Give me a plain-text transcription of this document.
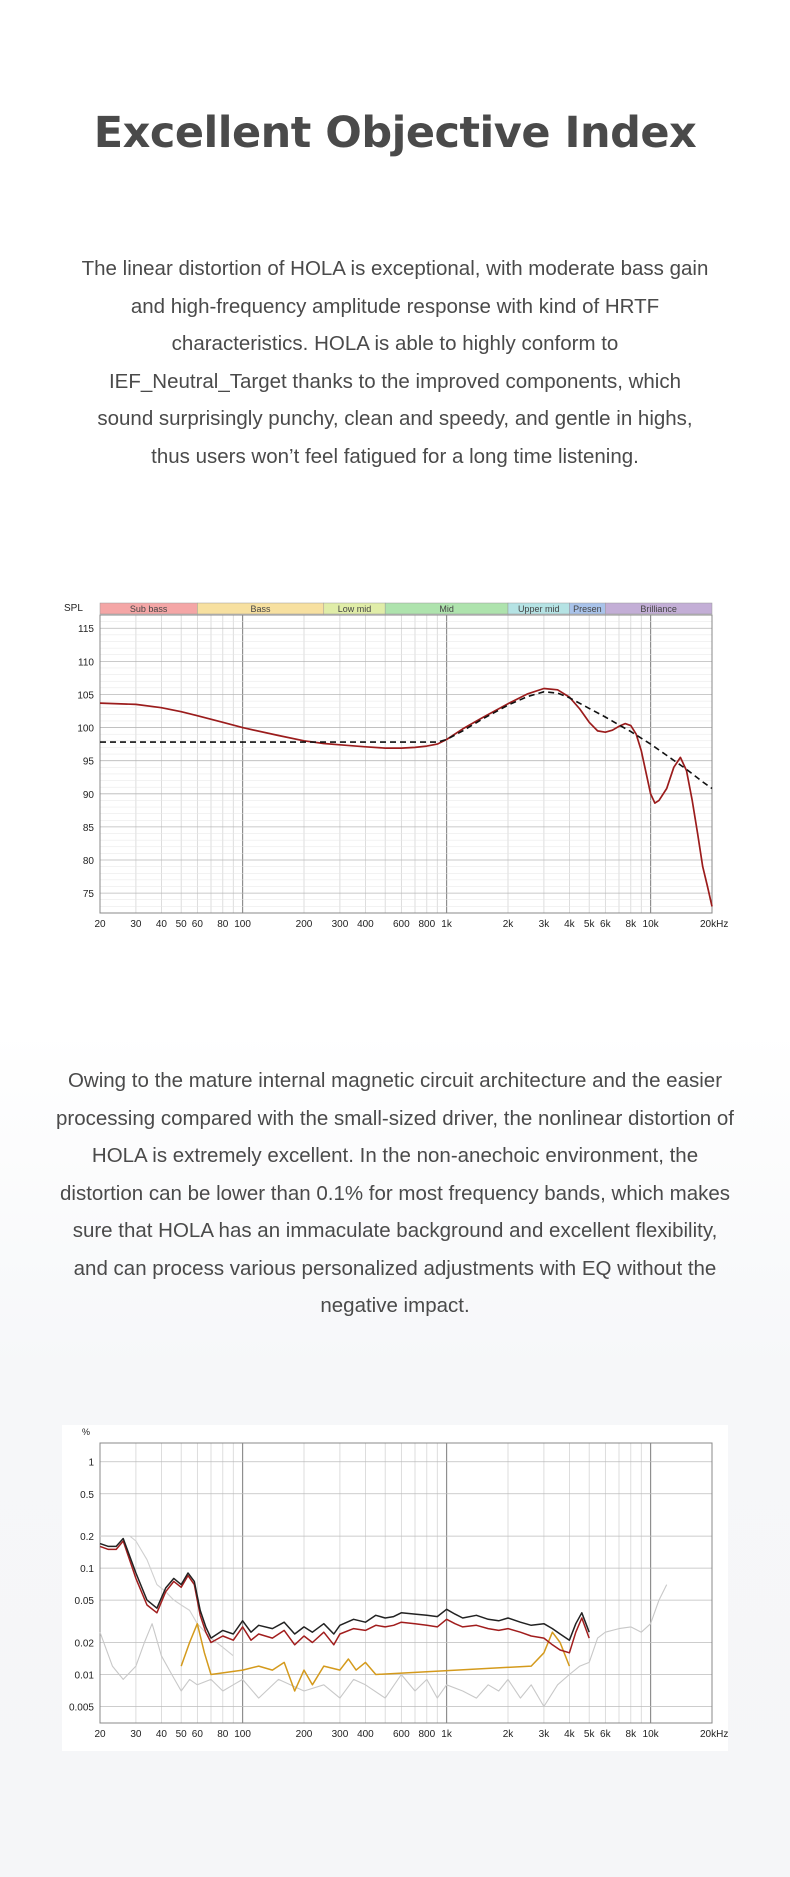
Excellent Objective Index
The linear distortion of HOLA is exceptional, with moderate bass gain and high-frequency amplitude response with kind of HRTF characteristics. HOLA is able to highly conform to IEF_Neutral_Target thanks to the improved components, which sound surprisingly punchy, clean and speedy, and gentle in highs, thus users won’t feel fatigued for a long time listening.
Sub bass	Bass	Low mid	Mid	Upper mid Presen	Brilliance
75
80
85
90
95
100
105
110
115
SPL
20 30 40 50 60 80 100	200 300 400 600 800 1k	2k	3k 4k 5k 6k 8k 10k	20kHz
Owing to the mature internal magnetic circuit architecture and the easier processing compared with the small-sized driver, the nonlinear distortion of HOLA is extremely excellent. In the non-anechoic environment, the distortion can be lower than 0.1% for most frequency bands, which makes sure that HOLA has an immaculate background and excellent flexibility, and can process various personalized adjustments with EQ without the negative impact.
1
0.5
0.2
0.1
0.05
0.02
0.01
0.005
%
20 30 40 50 60 80 100	200 300 400 600 800 1k	2k	3k 4k 5k 6k 8k 10k	20kHz
